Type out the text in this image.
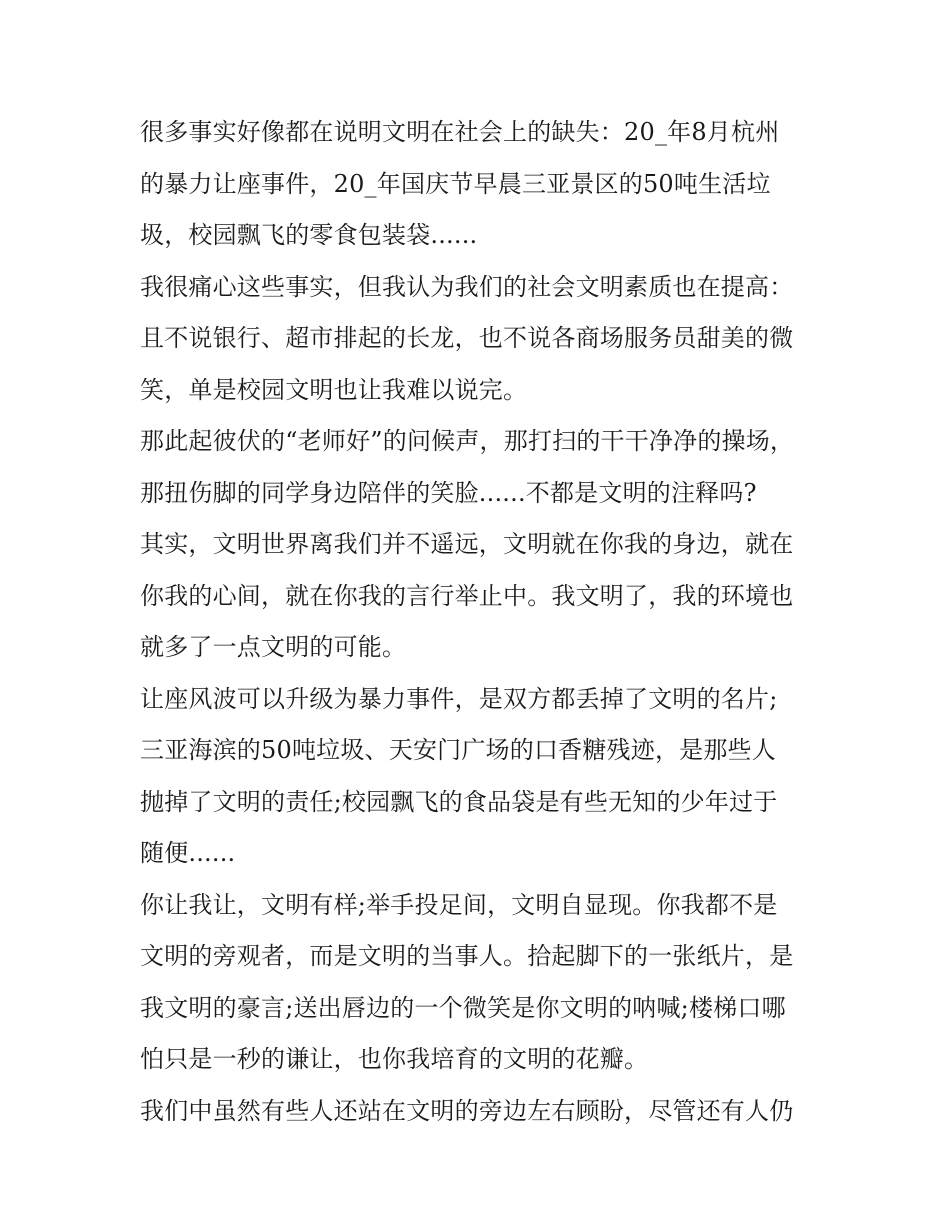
很多事实好像都在说明文明在社会上的缺失：20_年8月杭州
的暴力让座事件，20_年国庆节早晨三亚景区的50吨生活垃
圾，校园飘飞的零食包装袋......
我很痛心这些事实，但我认为我们的社会文明素质也在提高：
且不说银行、超市排起的长龙，也不说各商场服务员甜美的微
笑，单是校园文明也让我难以说完。
那此起彼伏的“老师好”的问候声，那打扫的干干净净的操场，
那扭伤脚的同学身边陪伴的笑脸......不都是文明的注释吗?
其实，文明世界离我们并不遥远，文明就在你我的身边，就在
你我的心间，就在你我的言行举止中。我文明了，我的环境也
就多了一点文明的可能。
让座风波可以升级为暴力事件，是双方都丢掉了文明的名片;
三亚海滨的50吨垃圾、天安门广场的口香糖残迹，是那些人
抛掉了文明的责任;校园飘飞的食品袋是有些无知的少年过于
随便......
你让我让，文明有样;举手投足间，文明自显现。你我都不是
文明的旁观者，而是文明的当事人。拾起脚下的一张纸片，是
我文明的豪言;送出唇边的一个微笑是你文明的呐喊;楼梯口哪
怕只是一秒的谦让，也你我培育的文明的花瓣。
我们中虽然有些人还站在文明的旁边左右顾盼，尽管还有人仍
